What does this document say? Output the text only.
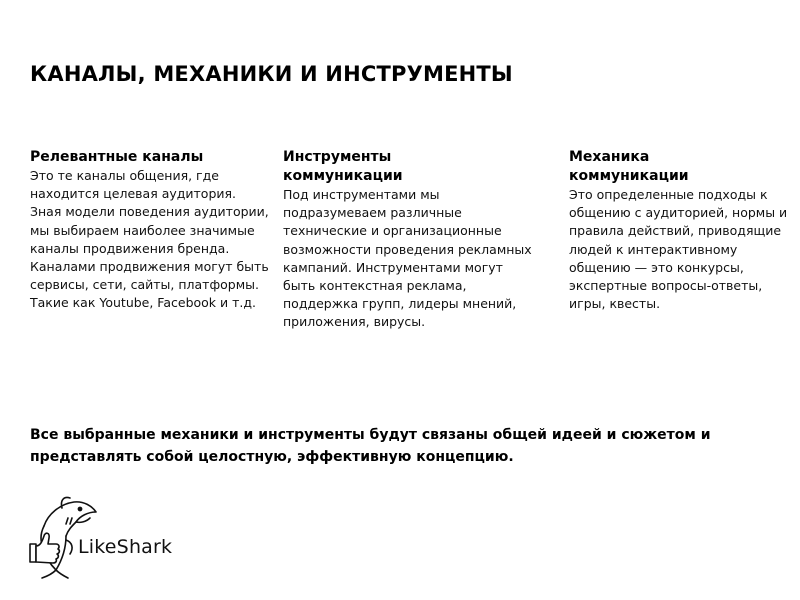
КАНАЛЫ, МЕХАНИКИ И ИНСТРУМЕНТЫ

Релевантные каналы

Это те каналы общения, где находится целевая аудитория. Зная модели поведения аудитории, мы выбираем наиболее значимые каналы продвижения бренда. Каналами продвижения могут быть сервисы, сети, сайты, платформы. Такие как Youtube, Facebook и т.д.

Инструменты коммуникации

Под инструментами мы подразумеваем различные технические и организационные возможности проведения рекламных кампаний. Инструментами могут быть контекстная реклама, поддержка групп, лидеры мнений, приложения, вирусы.

Механика коммуникации

Это определенные подходы к общению с аудиторией, нормы и правила действий, приводящие людей к интерактивному общению — это конкурсы, экспертные вопросы-ответы, игры, квесты.

Все выбранные механики и инструменты будут связаны общей идеей и сюжетом и представлять собой целостную, эффективную концепцию.

LikeShark
